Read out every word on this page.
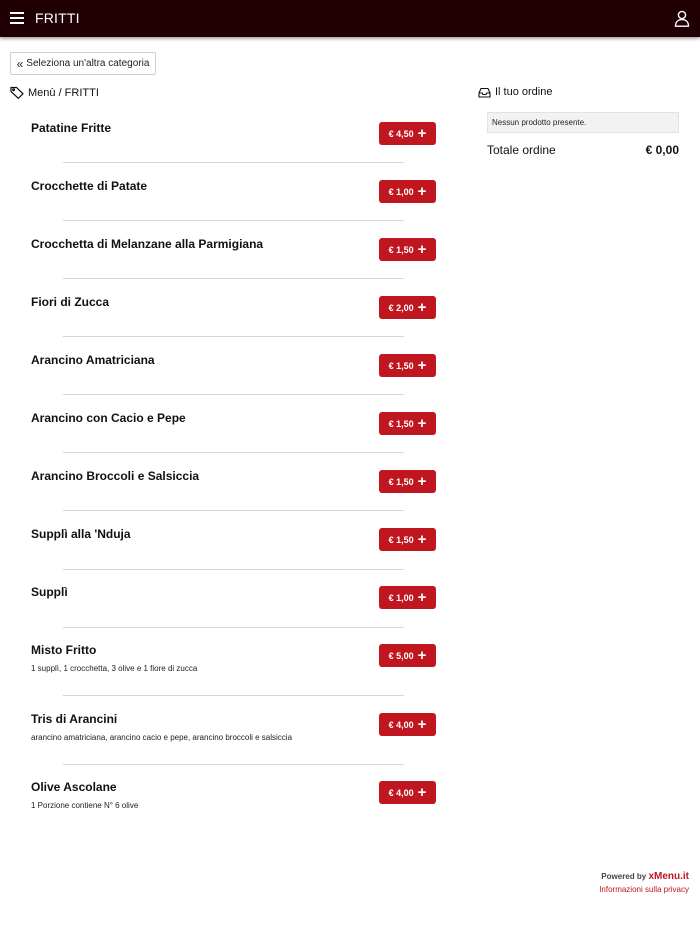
FRITTI
« Seleziona un'altra categoria
Menù / FRITTI
Patatine Fritte	€ 4,50 +
Crocchette di Patate	€ 1,00 +
Crocchetta di Melanzane alla Parmigiana	€ 1,50 +
Fiori di Zucca	€ 2,00 +
Arancino Amatriciana	€ 1,50 +
Arancino con Cacio e Pepe	€ 1,50 +
Arancino Broccoli e Salsiccia	€ 1,50 +
Supplì alla 'Nduja	€ 1,50 +
Supplì	€ 1,00 +
Misto Fritto
1 supplì, 1 crocchetta, 3 olive e 1 fiore di zucca
€ 5,00 +
Tris di Arancini
arancino amatriciana, arancino cacio e pepe, arancino broccoli e salsiccia
€ 4,00 +
Olive Ascolane
1 Porzione contiene N° 6 olive
€ 4,00 +
Il tuo ordine
Nessun prodotto presente.
Totale ordine	€ 0,00
Powered by xMenu.it
Informazioni sulla privacy
